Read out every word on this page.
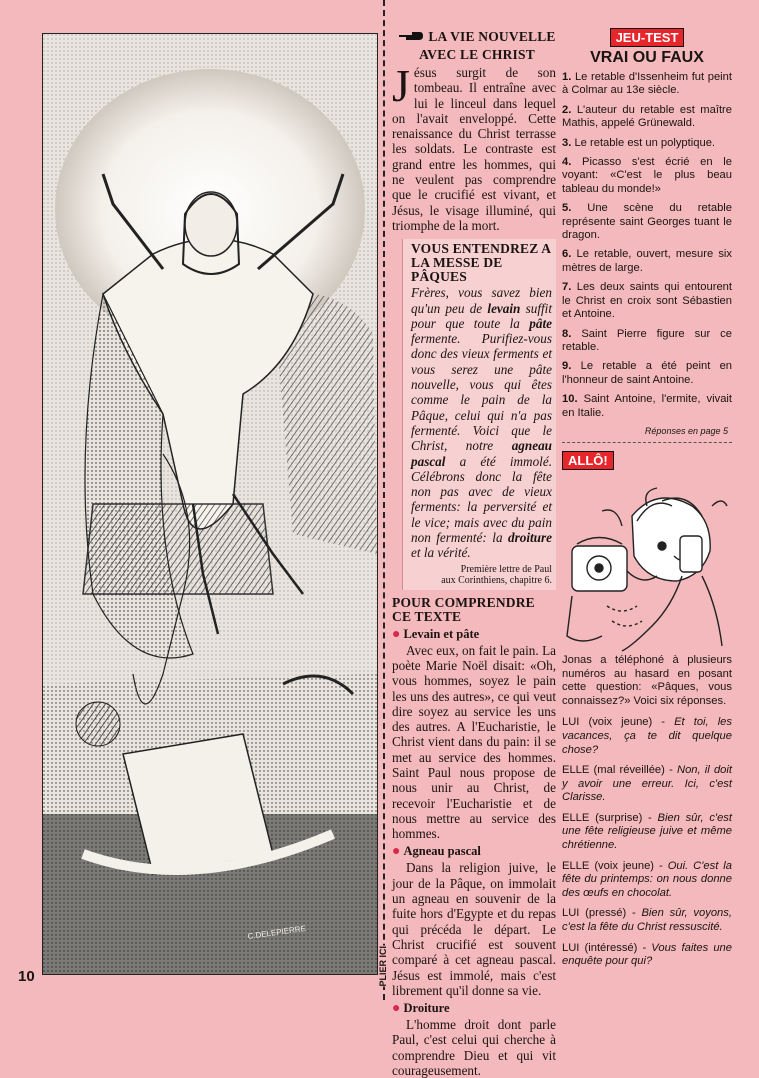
C.DELEPIERRE
10	PLIER ICI
LA VIE NOUVELLE
AVEC LE CHRIST

Jésus surgit de son tombeau. Il entraîne avec lui le linceul dans lequel on l'avait enveloppé. Cette renaissance du Christ terrasse les soldats. Le contraste est grand entre les hommes, qui ne veulent pas comprendre que le crucifié est vivant, et Jésus, le visage illuminé, qui triomphe de la mort.

VOUS ENTENDREZ A
LA MESSE DE PÂQUES

Frères, vous savez bien qu'un peu de levain suffit pour que toute la pâte fermente. Purifiez-vous donc des vieux ferments et vous serez une pâte nouvelle, vous qui êtes comme le pain de la Pâque, celui qui n'a pas fermenté. Voici que le Christ, notre agneau pascal a été immolé. Célébrons donc la fête non pas avec de vieux ferments: la perversité et le vice; mais avec du pain non fermenté: la droiture et la vérité.

Première lettre de Paul
aux Corinthiens, chapitre 6.
POUR COMPRENDRE
CE TEXTE
● Levain et pâte

Avec eux, on fait le pain. La poète Marie Noël disait: «Oh, vous hommes, soyez le pain les uns des autres», ce qui veut dire soyez au service les uns des autres. A l'Eucharistie, le Christ vient dans du pain: il se met au service des hommes. Saint Paul nous propose de nous unir au Christ, de recevoir l'Eucharistie et de nous mettre au service des hommes.

● Agneau pascal

Dans la religion juive, le jour de la Pâque, on immolait un agneau en souvenir de la fuite hors d'Egypte et du repas qui précéda le départ. Le Christ crucifié est souvent comparé à cet agneau pascal. Jésus est immolé, mais c'est librement qu'il donne sa vie.

● Droiture

L'homme droit dont parle Paul, c'est celui qui cherche à comprendre Dieu et qui vit courageusement.

JEU-TEST
VRAI OU FAUX

1. Le retable d'Issenheim fut peint à Colmar au 13e siècle.

2. L'auteur du retable est maître Mathis, appelé Grünewald.

3. Le retable est un polyptique.

4. Picasso s'est écrié en le voyant: «C'est le plus beau tableau du monde!»

5. Une scène du retable représente saint Georges tuant le dragon.

6. Le retable, ouvert, mesure six mètres de large.

7. Les deux saints qui entourent le Christ en croix sont Sébastien et Antoine.

8. Saint Pierre figure sur ce retable.

9. Le retable a été peint en l'honneur de saint Antoine.

10. Saint Antoine, l'ermite, vivait en Italie.

Réponses en page 5
ALLÔ!

Jonas a téléphoné à plusieurs numéros au hasard en posant cette question: «Pâques, vous connaissez?» Voici six réponses.

LUI (voix jeune) - Et toi, les vacances, ça te dit quelque chose?

ELLE (mal réveillée) - Non, il doit y avoir une erreur. Ici, c'est Clarisse.

ELLE (surprise) - Bien sûr, c'est une fête religieuse juive et même chrétienne.

ELLE (voix jeune) - Oui. C'est la fête du printemps: on nous donne des œufs en chocolat.

LUI (pressé) - Bien sûr, voyons, c'est la fête du Christ ressuscité.

LUI (intéressé) - Vous faites une enquête pour qui?
